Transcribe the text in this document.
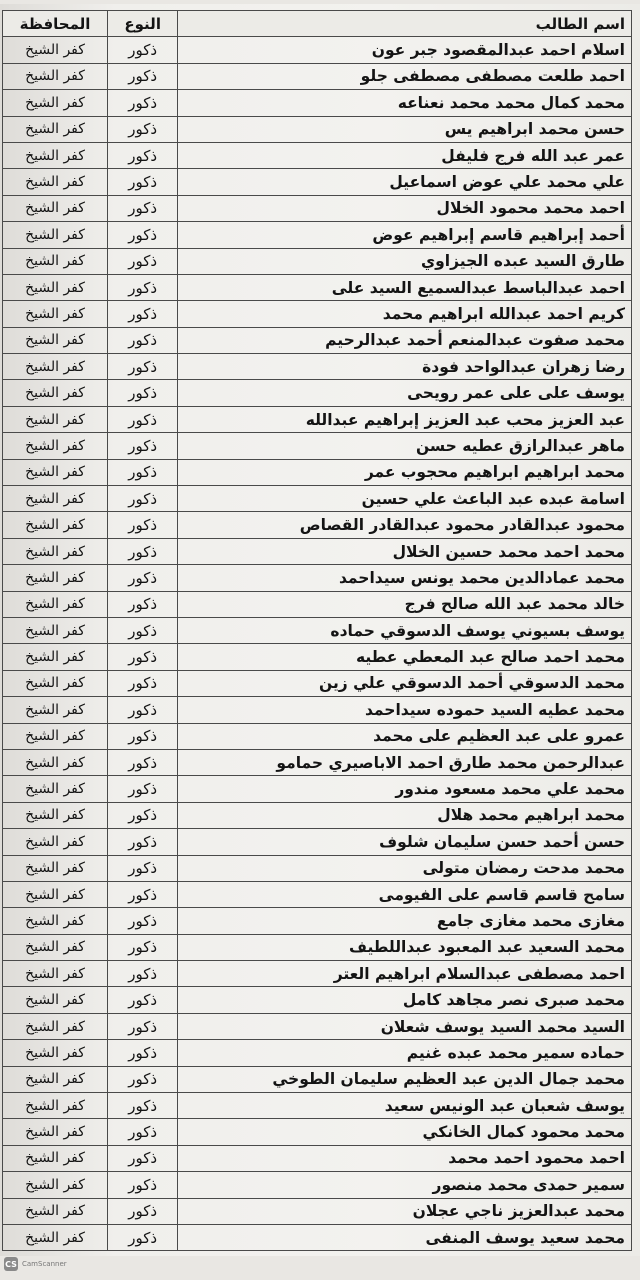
اسم الطالب	النوع	المحافظة
اسلام احمد عبدالمقصود جبر عون	ذكور	كفر الشيخ
احمد طلعت مصطفى مصطفى جلو	ذكور	كفر الشيخ
محمد كمال محمد محمد نعناعه	ذكور	كفر الشيخ
حسن محمد ابراهيم يس	ذكور	كفر الشيخ
عمر عبد الله فرج فليفل	ذكور	كفر الشيخ
علي محمد علي عوض اسماعيل	ذكور	كفر الشيخ
احمد محمد محمود الخلال	ذكور	كفر الشيخ
أحمد إبراهيم قاسم إبراهيم عوض	ذكور	كفر الشيخ
طارق السيد عبده الجيزاوي	ذكور	كفر الشيخ
احمد عبدالباسط عبدالسميع السيد على	ذكور	كفر الشيخ
كريم احمد عبدالله ابراهيم محمد	ذكور	كفر الشيخ
محمد صفوت عبدالمنعم أحمد عبدالرحيم	ذكور	كفر الشيخ
رضا زهران عبدالواحد فودة	ذكور	كفر الشيخ
يوسف على على عمر رويحى	ذكور	كفر الشيخ
عبد العزيز محب عبد العزيز إبراهيم عبدالله	ذكور	كفر الشيخ
ماهر عبدالرازق عطيه حسن	ذكور	كفر الشيخ
محمد ابراهيم ابراهيم محجوب عمر	ذكور	كفر الشيخ
اسامة عبده عبد الباعث علي حسين	ذكور	كفر الشيخ
محمود عبدالقادر محمود عبدالقادر القصاص	ذكور	كفر الشيخ
محمد احمد محمد حسين الخلال	ذكور	كفر الشيخ
محمد عمادالدين محمد يونس سيداحمد	ذكور	كفر الشيخ
خالد محمد عبد الله صالح فرج	ذكور	كفر الشيخ
يوسف بسيوني يوسف الدسوقي حماده	ذكور	كفر الشيخ
محمد احمد صالح عبد المعطي عطيه	ذكور	كفر الشيخ
محمد الدسوقي أحمد الدسوقي علي زين	ذكور	كفر الشيخ
محمد عطيه السيد حموده سيداحمد	ذكور	كفر الشيخ
عمرو على عبد العظيم على محمد	ذكور	كفر الشيخ
عبدالرحمن محمد طارق احمد الاباصيري حمامو	ذكور	كفر الشيخ
محمد علي محمد مسعود مندور	ذكور	كفر الشيخ
محمد ابراهيم محمد هلال	ذكور	كفر الشيخ
حسن أحمد حسن سليمان شلوف	ذكور	كفر الشيخ
محمد مدحت رمضان متولى	ذكور	كفر الشيخ
سامح قاسم قاسم على الفيومى	ذكور	كفر الشيخ
مغازى محمد مغازى جامع	ذكور	كفر الشيخ
محمد السعيد عبد المعبود عبداللطيف	ذكور	كفر الشيخ
احمد مصطفى عبدالسلام ابراهيم العتر	ذكور	كفر الشيخ
محمد صبرى نصر مجاهد كامل	ذكور	كفر الشيخ
السيد محمد السيد يوسف شعلان	ذكور	كفر الشيخ
حماده سمير محمد عبده غنيم	ذكور	كفر الشيخ
محمد جمال الدين عبد العظيم سليمان الطوخي	ذكور	كفر الشيخ
يوسف شعبان عبد الونيس سعيد	ذكور	كفر الشيخ
محمد محمود كمال الخانكي	ذكور	كفر الشيخ
احمد محمود احمد محمد	ذكور	كفر الشيخ
سمير حمدى محمد منصور	ذكور	كفر الشيخ
محمد عبدالعزيز ناجي عجلان	ذكور	كفر الشيخ
محمد سعيد يوسف المنفى	ذكور	كفر الشيخ
CS CamScanner
